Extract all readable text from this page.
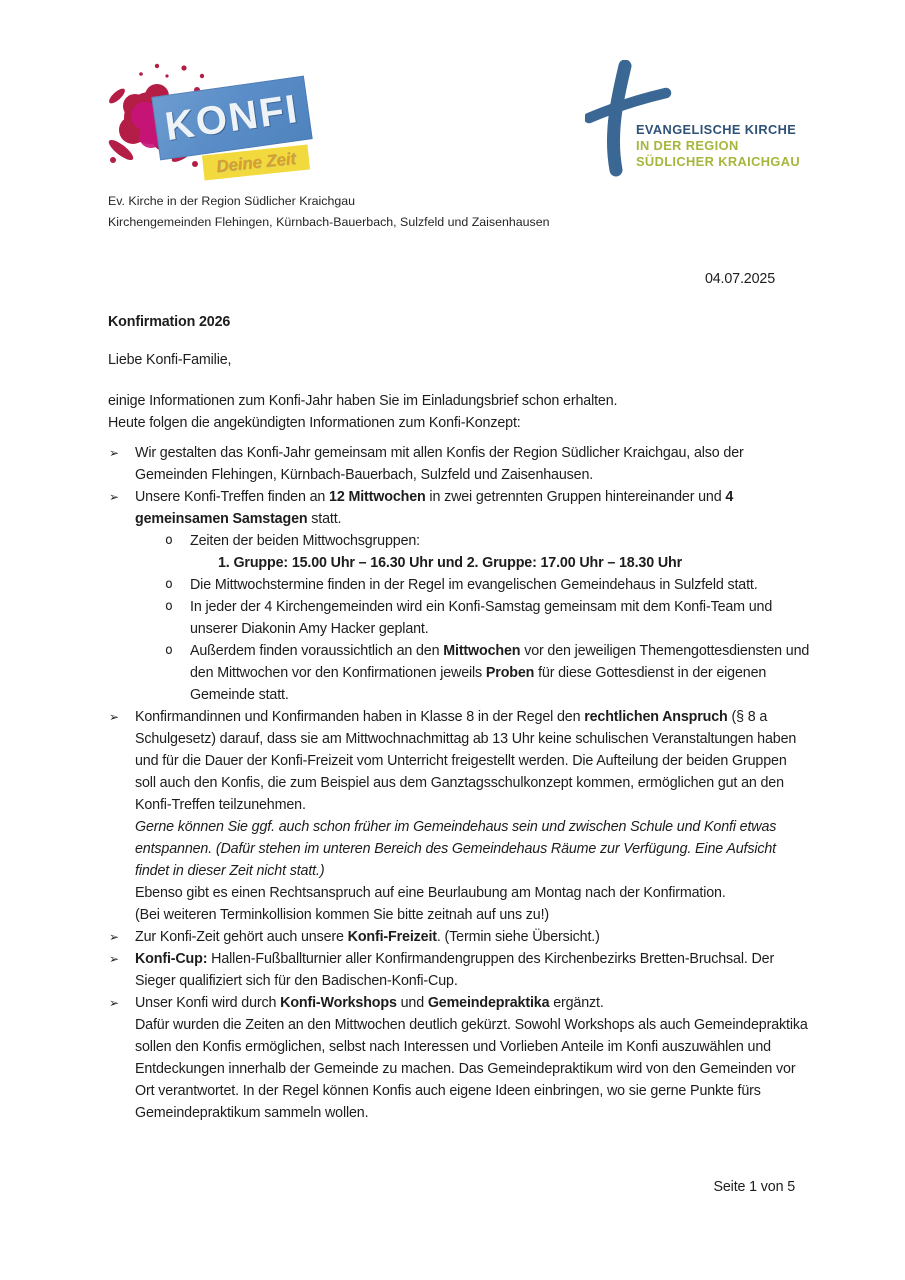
KONFI
Deine Zeit
EVANGELISCHE KIRCHE
IN DER REGION
SÜDLICHER KRAICHGAU
Ev. Kirche in der Region Südlicher Kraichgau
Kirchengemeinden Flehingen, Kürnbach-Bauerbach, Sulzfeld und Zaisenhausen
04.07.2025
Konfirmation 2026
Liebe Konfi-Familie,
einige Informationen zum Konfi-Jahr haben Sie im Einladungsbrief schon erhalten.
Heute folgen die angekündigten Informationen zum Konfi-Konzept:
➢ Wir gestalten das Konfi-Jahr gemeinsam mit allen Konfis der Region Südlicher Kraichgau, also der Gemeinden Flehingen, Kürnbach-Bauerbach, Sulzfeld und Zaisenhausen.
➢ Unsere Konfi-Treffen finden an 12 Mittwochen in zwei getrennten Gruppen hintereinander und 4 gemeinsamen Samstagen statt.
o Zeiten der beiden Mittwochsgruppen:
1. Gruppe: 15.00 Uhr – 16.30 Uhr und 2. Gruppe: 17.00 Uhr – 18.30 Uhr
o Die Mittwochstermine finden in der Regel im evangelischen Gemeindehaus in Sulzfeld statt.
o In jeder der 4 Kirchengemeinden wird ein Konfi-Samstag gemeinsam mit dem Konfi-Team und unserer Diakonin Amy Hacker geplant.
o Außerdem finden voraussichtlich an den Mittwochen vor den jeweiligen Themengottesdiensten und den Mittwochen vor den Konfirmationen jeweils Proben für diese Gottesdienst in der eigenen Gemeinde statt.
➢ Konfirmandinnen und Konfirmanden haben in Klasse 8 in der Regel den rechtlichen Anspruch (§ 8 a Schulgesetz) darauf, dass sie am Mittwochnachmittag ab 13 Uhr keine schulischen Veranstaltungen haben und für die Dauer der Konfi-Freizeit vom Unterricht freigestellt werden. Die Aufteilung der beiden Gruppen soll auch den Konfis, die zum Beispiel aus dem Ganztagsschulkonzept kommen, ermöglichen gut an den Konfi-Treffen teilzunehmen.
Gerne können Sie ggf. auch schon früher im Gemeindehaus sein und zwischen Schule und Konfi etwas entspannen. (Dafür stehen im unteren Bereich des Gemeindehaus Räume zur Verfügung. Eine Aufsicht findet in dieser Zeit nicht statt.)
Ebenso gibt es einen Rechtsanspruch auf eine Beurlaubung am Montag nach der Konfirmation.
(Bei weiteren Terminkollision kommen Sie bitte zeitnah auf uns zu!)
➢ Zur Konfi-Zeit gehört auch unsere Konfi-Freizeit. (Termin siehe Übersicht.)
➢ Konfi-Cup: Hallen-Fußballturnier aller Konfirmandengruppen des Kirchenbezirks Bretten-Bruchsal. Der Sieger qualifiziert sich für den Badischen-Konfi-Cup.
➢ Unser Konfi wird durch Konfi-Workshops und Gemeindepraktika ergänzt.
Dafür wurden die Zeiten an den Mittwochen deutlich gekürzt. Sowohl Workshops als auch Gemeindepraktika sollen den Konfis ermöglichen, selbst nach Interessen und Vorlieben Anteile im Konfi auszuwählen und Entdeckungen innerhalb der Gemeinde zu machen. Das Gemeindepraktikum wird von den Gemeinden vor Ort verantwortet. In der Regel können Konfis auch eigene Ideen einbringen, wo sie gerne Punkte fürs Gemeindepraktikum sammeln wollen.
Seite 1 von 5
